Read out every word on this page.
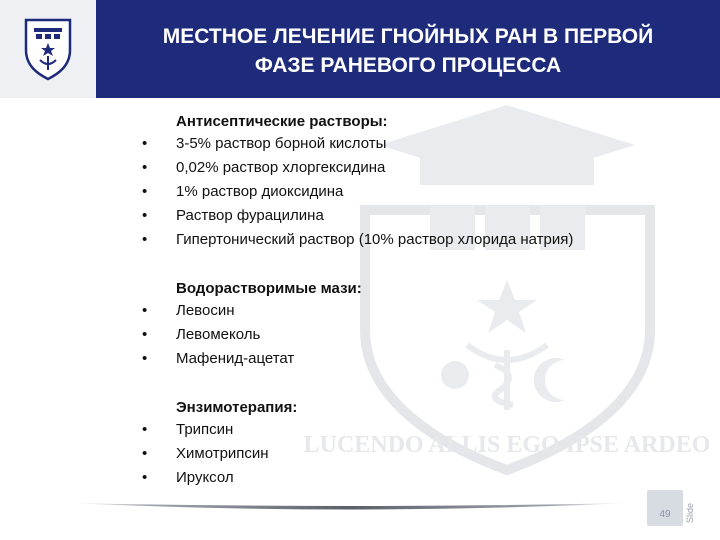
МЕСТНОЕ ЛЕЧЕНИЕ ГНОЙНЫХ РАН В ПЕРВОЙ
ФАЗЕ РАНЕВОГО ПРОЦЕССА
LUCENDO ALLIS EGO IPSE ARDEO

Антисептические растворы:

• 3-5% раствор борной кислоты
• 0,02% раствор хлоргексидина
• 1% раствор диоксидина
• Раствор фурацилина
• Гипертонический раствор (10% раствор хлорида натрия)

Водорастворимые мази:

• Левосин
• Левомеколь
• Мафенид-ацетат

Энзимотерапия:

• Трипсин
• Химотрипсин
• Ируксол
49	Slide
